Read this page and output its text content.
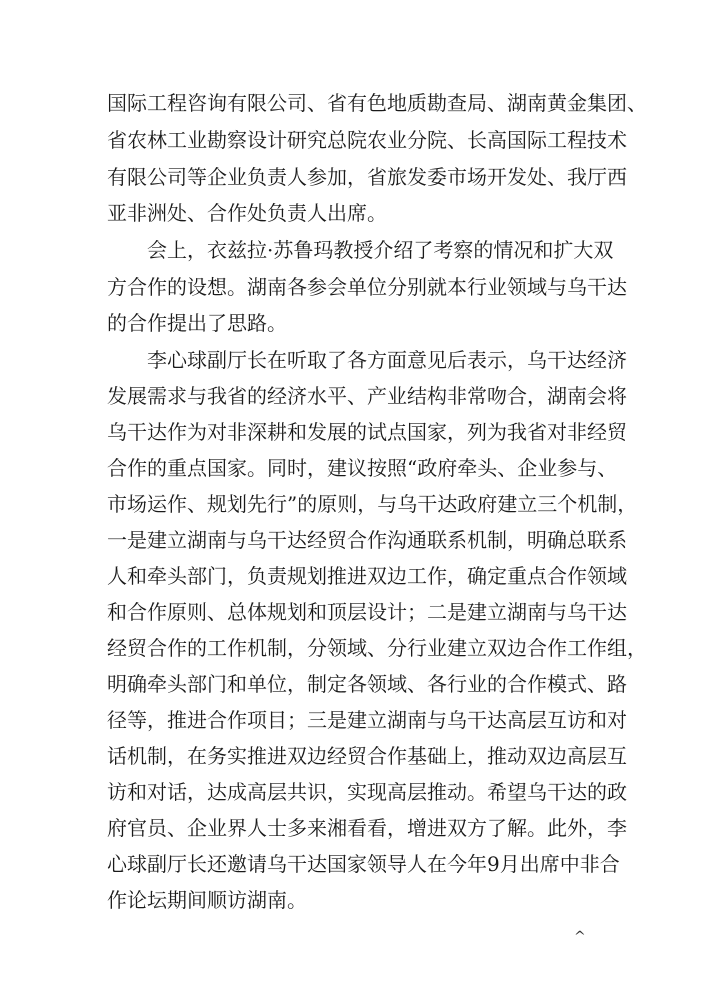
国际工程咨询有限公司、省有色地质勘查局、湖南黄金集团、
省农林工业勘察设计研究总院农业分院、长高国际工程技术
有限公司等企业负责人参加，省旅发委市场开发处、我厅西
亚非洲处、合作处负责人出席。
会上，衣兹拉·苏鲁玛教授介绍了考察的情况和扩大双
方合作的设想。湖南各参会单位分别就本行业领域与乌干达
的合作提出了思路。
李心球副厅长在听取了各方面意见后表示，乌干达经济
发展需求与我省的经济水平、产业结构非常吻合，湖南会将
乌干达作为对非深耕和发展的试点国家，列为我省对非经贸
合作的重点国家。同时，建议按照“政府牵头、企业参与、
市场运作、规划先行”的原则，与乌干达政府建立三个机制，
一是建立湖南与乌干达经贸合作沟通联系机制，明确总联系
人和牵头部门，负责规划推进双边工作，确定重点合作领域
和合作原则、总体规划和顶层设计；二是建立湖南与乌干达
经贸合作的工作机制，分领域、分行业建立双边合作工作组，
明确牵头部门和单位，制定各领域、各行业的合作模式、路
径等，推进合作项目；三是建立湖南与乌干达高层互访和对
话机制，在务实推进双边经贸合作基础上，推动双边高层互
访和对话，达成高层共识，实现高层推动。希望乌干达的政
府官员、企业界人士多来湘看看，增进双方了解。此外，李
心球副厅长还邀请乌干达国家领导人在今年9月出席中非合
作论坛期间顺访湖南。
^
